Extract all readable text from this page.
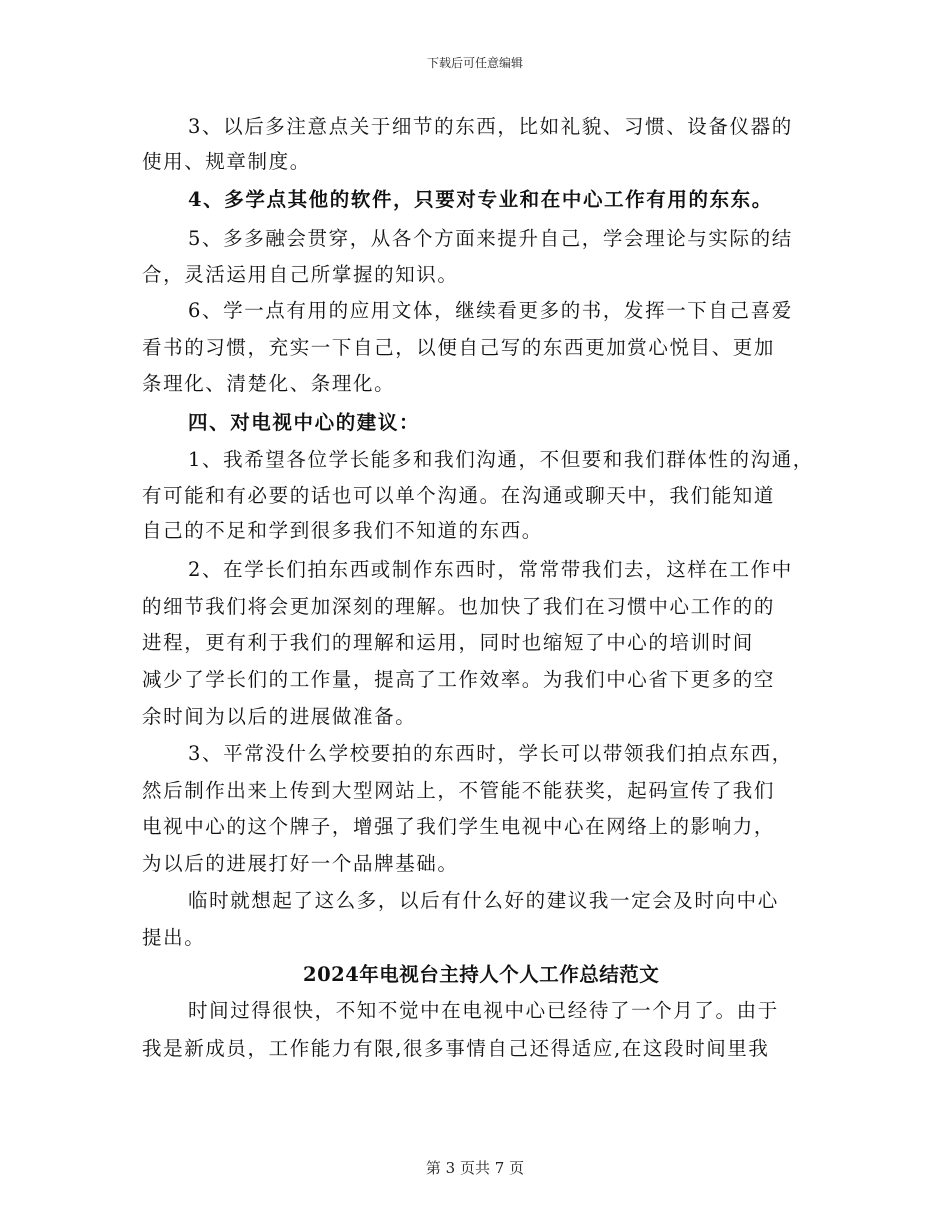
下载后可任意编辑
3、以后多注意点关于细节的东西，比如礼貌、习惯、设备仪器的
使用、规章制度。
4、多学点其他的软件，只要对专业和在中心工作有用的东东。
5、多多融会贯穿，从各个方面来提升自己，学会理论与实际的结
合，灵活运用自己所掌握的知识。
6、学一点有用的应用文体，继续看更多的书，发挥一下自己喜爱
看书的习惯，充实一下自己，以便自己写的东西更加赏心悦目、更加
条理化、清楚化、条理化。
四、对电视中心的建议：
1、我希望各位学长能多和我们沟通，不但要和我们群体性的沟通，
有可能和有必要的话也可以单个沟通。在沟通或聊天中，我们能知道
自己的不足和学到很多我们不知道的东西。
2、在学长们拍东西或制作东西时，常常带我们去，这样在工作中
的细节我们将会更加深刻的理解。也加快了我们在习惯中心工作的的
进程，更有利于我们的理解和运用，同时也缩短了中心的培训时间
减少了学长们的工作量，提高了工作效率。为我们中心省下更多的空
余时间为以后的进展做准备。
3、平常没什么学校要拍的东西时，学长可以带领我们拍点东西，
然后制作出来上传到大型网站上，不管能不能获奖，起码宣传了我们
电视中心的这个牌子，增强了我们学生电视中心在网络上的影响力，
为以后的进展打好一个品牌基础。
临时就想起了这么多，以后有什么好的建议我一定会及时向中心
提出。
2024年电视台主持人个人工作总结范文
时间过得很快，不知不觉中在电视中心已经待了一个月了。由于
我是新成员，工作能力有限,很多事情自己还得适应,在这段时间里我
第 3 页共 7 页
